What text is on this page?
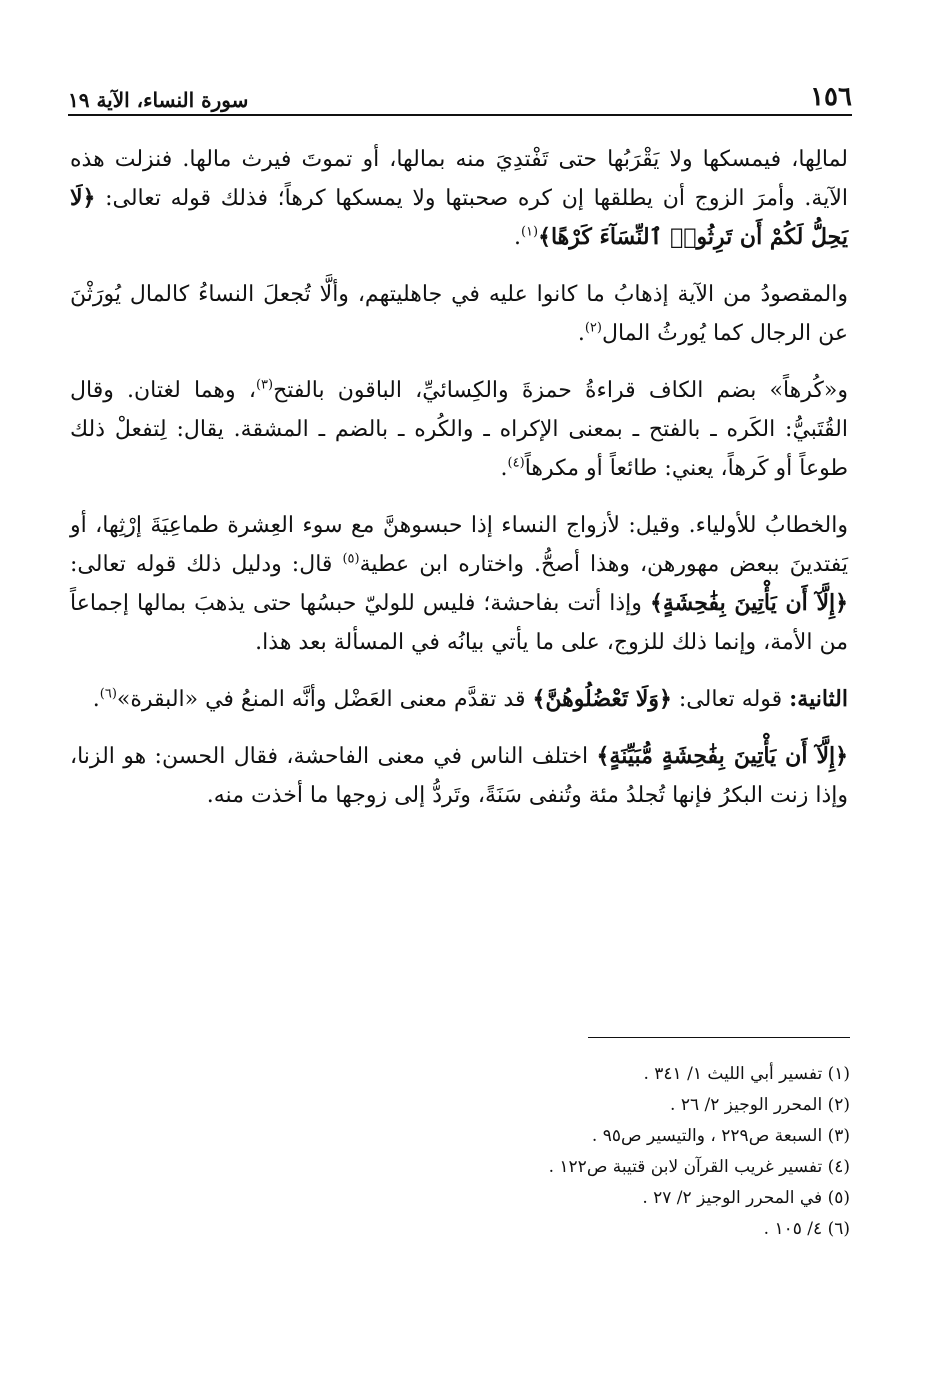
١٥٦
سورة النساء، الآية ١٩

لمالِها، فيمسكها ولا يَقْرَبُها حتى تَفْتدِيَ منه بمالها، أو تموتَ فيرث مالها. فنزلت هذه الآية. وأمرَ الزوج أن يطلقها إن كره صحبتها ولا يمسكها كرهاً؛ فذلك قوله تعالى: ﴿لَا يَحِلُّ لَكُمْ أَن تَرِثُوا۟ ٱلنِّسَآءَ كَرْهًا﴾$^{(١)}$.

والمقصودُ من الآية إذهابُ ما كانوا عليه في جاهليتهم، وألَّا تُجعلَ النساءُ كالمال يُورَثْنَ عن الرجال كما يُورثُ المال$^{(٢)}$.

و«كُرهاً» بضم الكاف قراءةُ حمزةَ والكِسائيِّ، الباقون بالفتح$^{(٣)}$، وهما لغتان. وقال القُتَبيُّ: الكَره ـ بالفتح ـ بمعنى الإكراه ـ والكُره ـ بالضم ـ المشقة. يقال: لِتفعلْ ذلك طوعاً أو كَرهاً، يعني: طائعاً أو مكرهاً$^{(٤)}$.

والخطابُ للأولياء. وقيل: لأزواج النساء إذا حبسوهنَّ مع سوء العِشرة طماعِيَةَ إرْثِها، أو يَفتدينَ ببعض مهورهن، وهذا أصحُّ. واختاره ابن عطية$^{(٥)}$ قال: ودليل ذلك قوله تعالى: ﴿إِلَّآ أَن يَأْتِينَ بِفَٰحِشَةٍ﴾ وإذا أتت بفاحشة؛ فليس للوليّ حبسُها حتى يذهبَ بمالها إجماعاً من الأمة، وإنما ذلك للزوج، على ما يأتي بيانُه في المسألة بعد هذا.

الثانية: قوله تعالى: ﴿وَلَا تَعْضُلُوهُنَّ﴾ قد تقدَّم معنى العَضْل وأنَّه المنعُ في «البقرة»$^{(٦)}$.

﴿إِلَّآ أَن يَأْتِينَ بِفَٰحِشَةٍ مُّبَيِّنَةٍ﴾ اختلف الناس في معنى الفاحشة، فقال الحسن: هو الزنا، وإذا زنت البكرُ فإنها تُجلدُ مئة وتُنفى سَنَةً، وتَردُّ إلى زوجها ما أخذت منه.

(١) تفسير أبي الليث ١/ ٣٤١ .
(٢) المحرر الوجيز ٢/ ٢٦ .
(٣) السبعة ص٢٢٩ ، والتيسير ص٩٥ .
(٤) تفسير غريب القرآن لابن قتيبة ص١٢٢ .
(٥) في المحرر الوجيز ٢/ ٢٧ .
(٦) ٤/ ١٠٥ .
